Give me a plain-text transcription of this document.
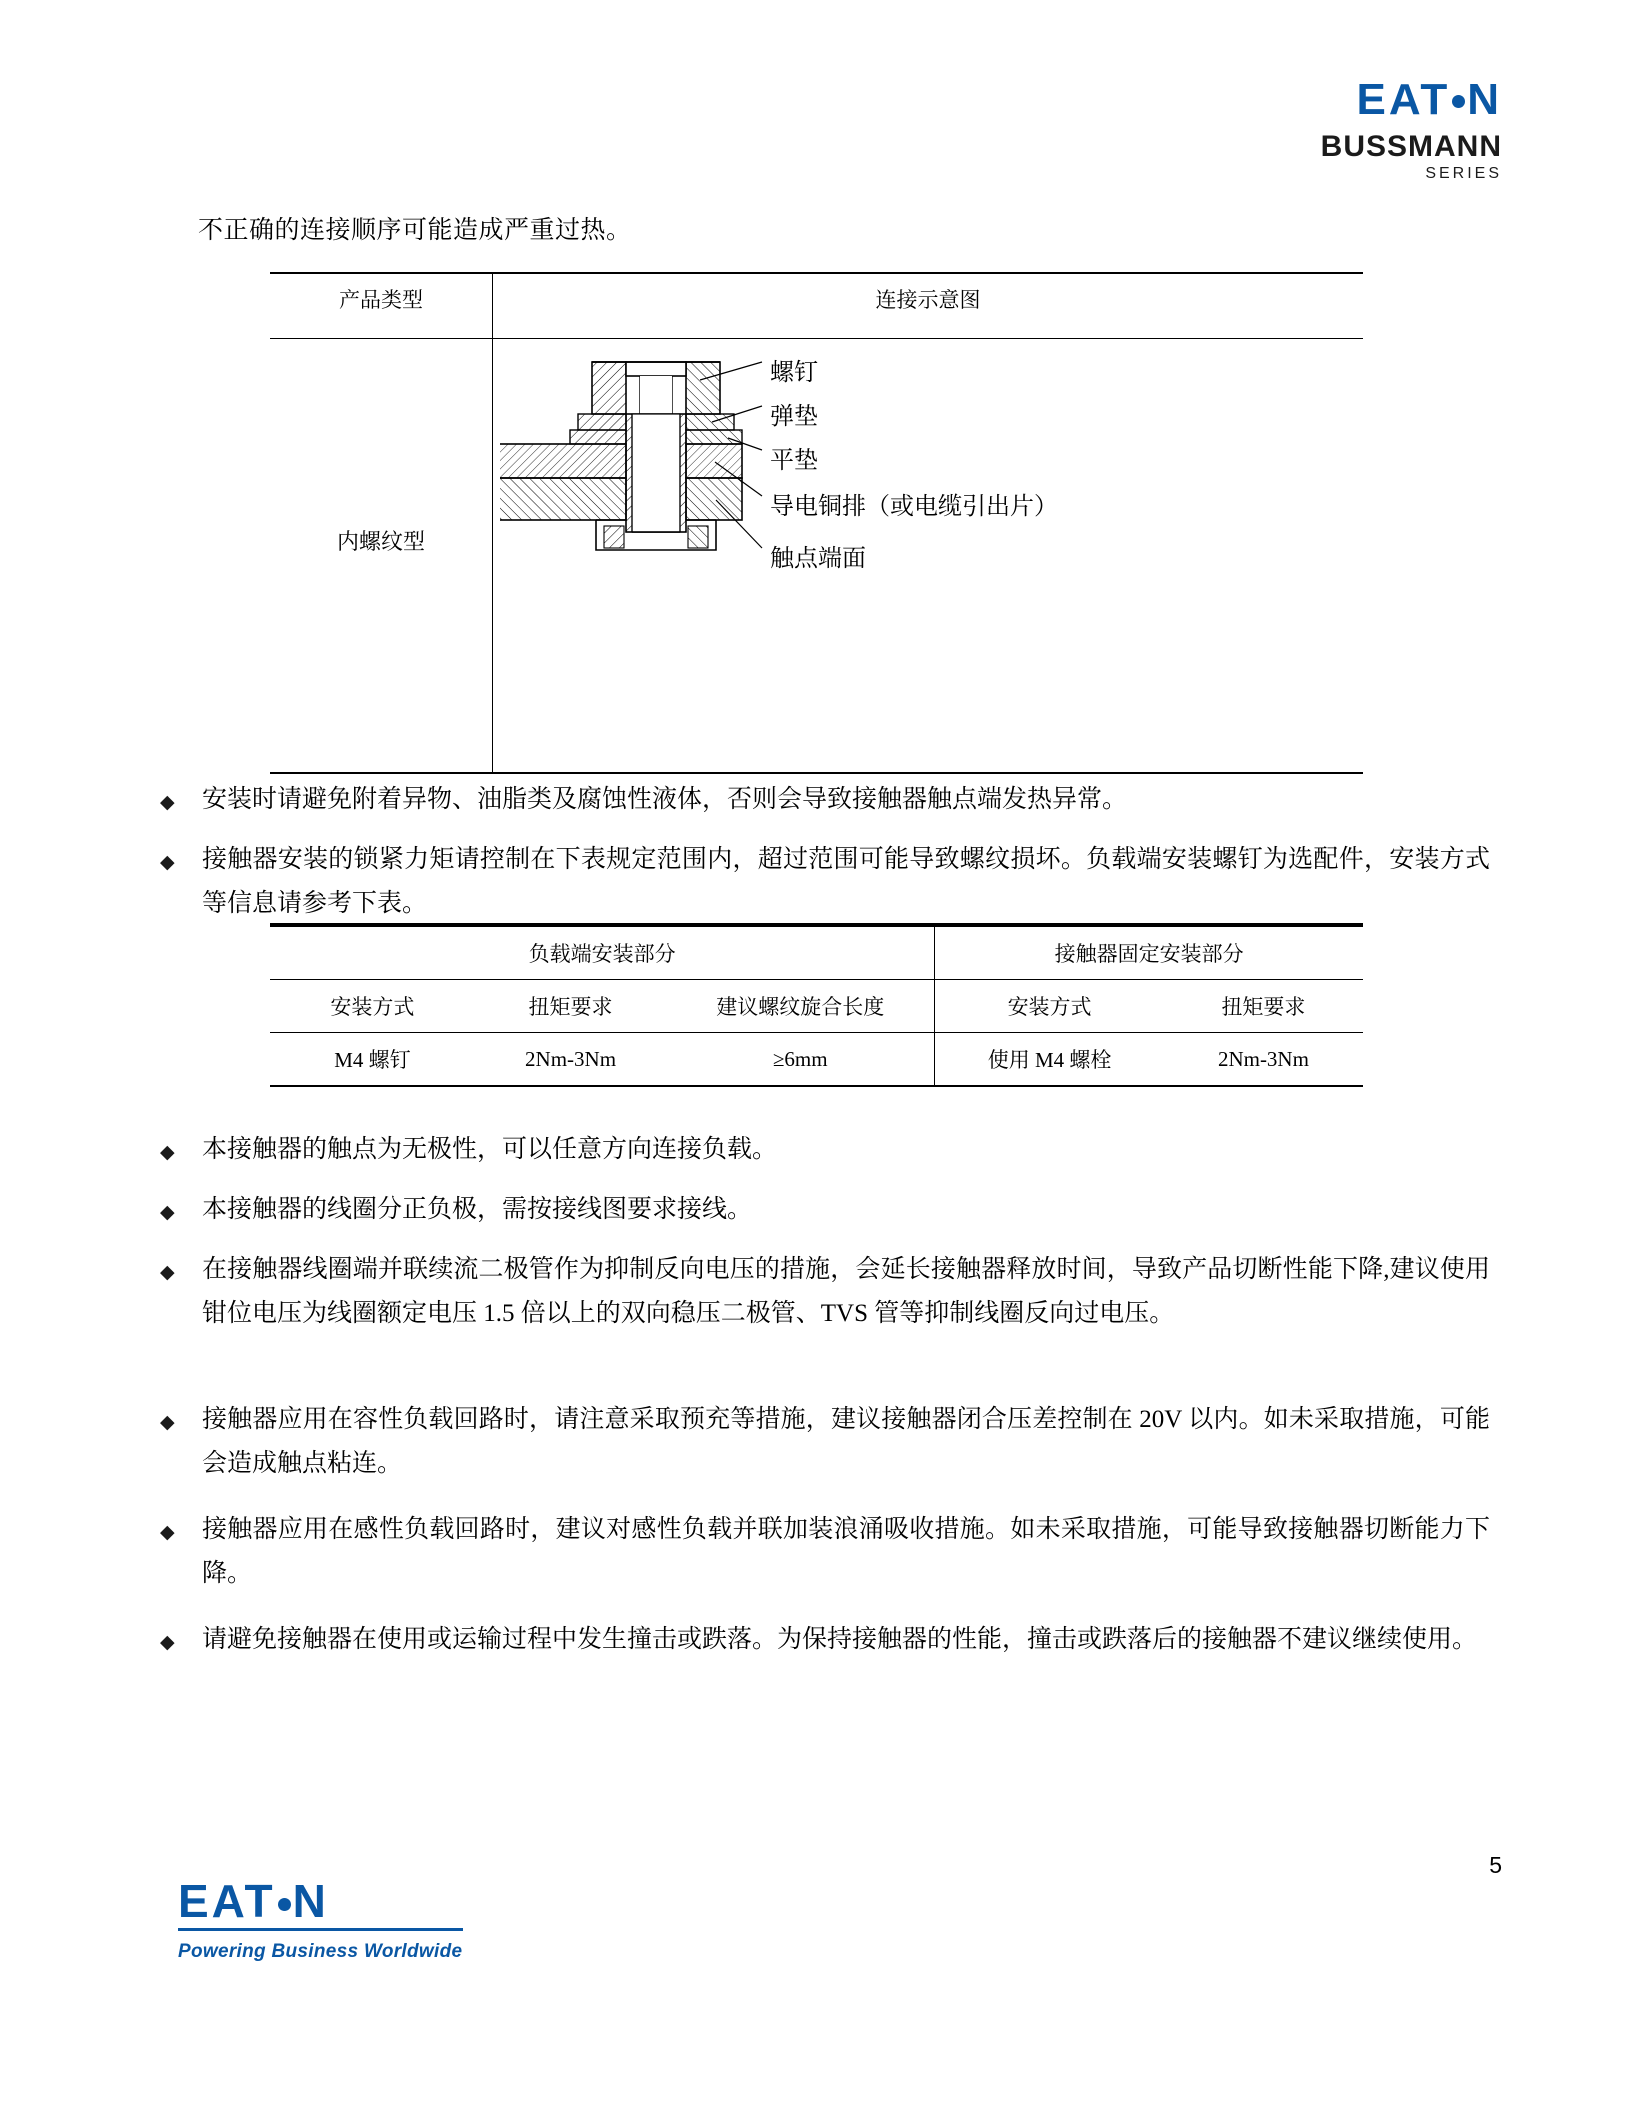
EAT N
BUSSMANN
SERIES
不正确的连接顺序可能造成严重过热。
产品类型	连接示意图
内螺纹型
螺钉
弹垫
平垫
导电铜排（或电缆引出片）
触点端面
◆ 安装时请避免附着异物、油脂类及腐蚀性液体，否则会导致接触器触点端发热异常。
◆ 接触器安装的锁紧力矩请控制在下表规定范围内，超过范围可能导致螺纹损坏。负载端安装螺钉为选配件，安装方式等信息请参考下表。
负载端安装部分			接触器固定安装部分	
安装方式	扭矩要求	建议螺纹旋合长度	安装方式	扭矩要求
M4 螺钉	2Nm-3Nm	≥6mm	使用 M4 螺栓	2Nm-3Nm
◆ 本接触器的触点为无极性，可以任意方向连接负载。
◆ 本接触器的线圈分正负极，需按接线图要求接线。
◆ 在接触器线圈端并联续流二极管作为抑制反向电压的措施，会延长接触器释放时间，导致产品切断性能下降,建议使用钳位电压为线圈额定电压 1.5 倍以上的双向稳压二极管、TVS 管等抑制线圈反向过电压。
◆ 接触器应用在容性负载回路时，请注意采取预充等措施，建议接触器闭合压差控制在 20V 以内。如未采取措施，可能会造成触点粘连。
◆ 接触器应用在感性负载回路时，建议对感性负载并联加装浪涌吸收措施。如未采取措施，可能导致接触器切断能力下降。
◆ 请避免接触器在使用或运输过程中发生撞击或跌落。为保持接触器的性能，撞击或跌落后的接触器不建议继续使用。
5
EAT N
Powering Business Worldwide
